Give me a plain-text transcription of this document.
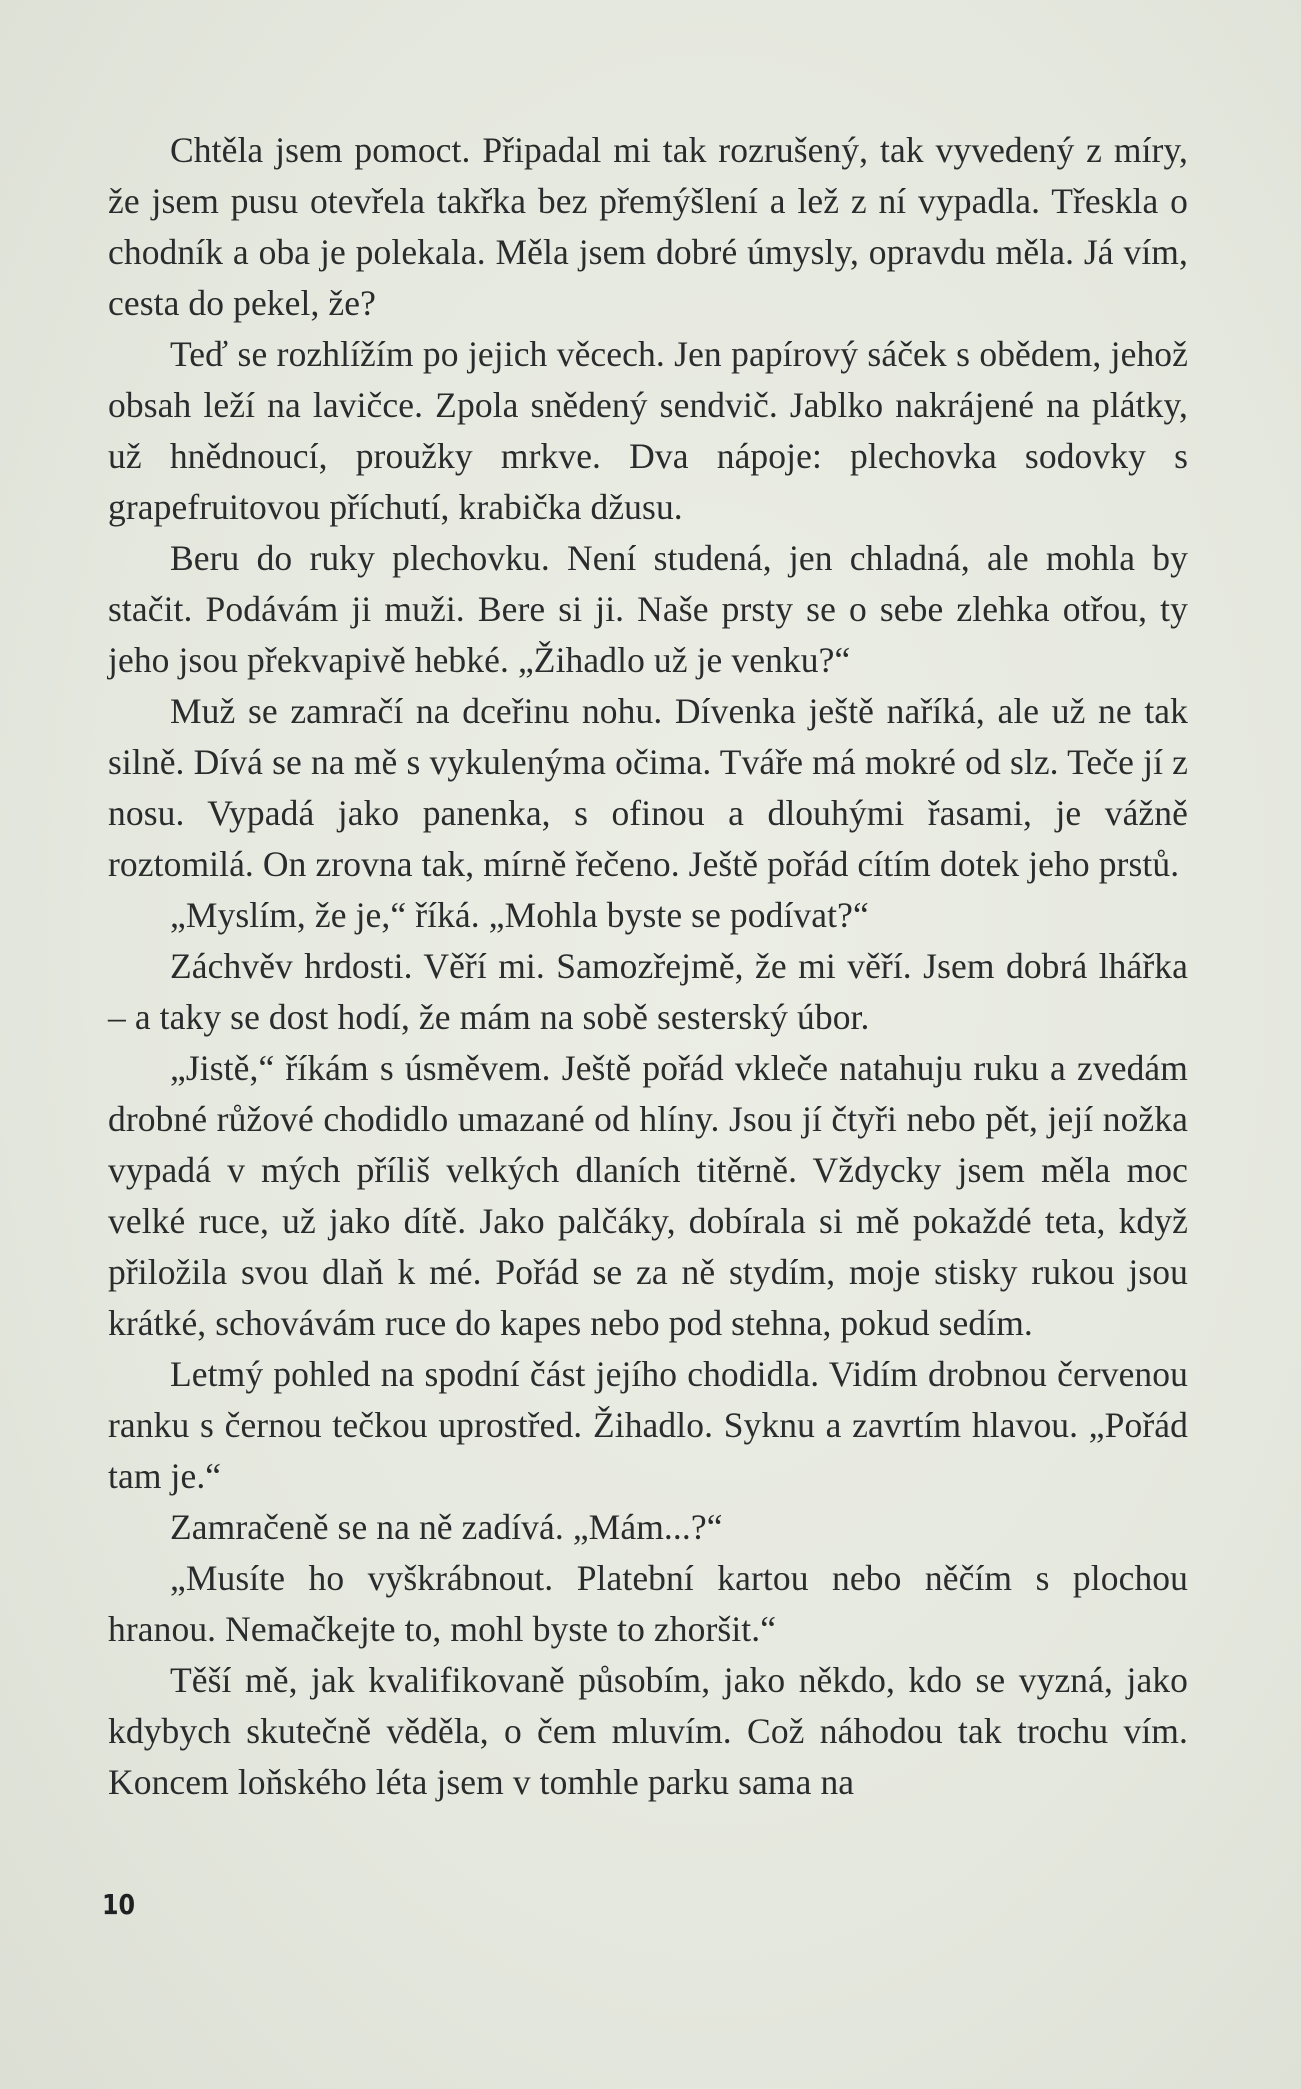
Chtěla jsem pomoct. Připadal mi tak rozrušený, tak vyvedený z míry, že jsem pusu otevřela takřka bez přemýšlení a lež z ní vypadla. Třeskla o chodník a oba je polekala. Měla jsem dobré úmysly, opravdu měla. Já vím, cesta do pekel, že?

Teď se rozhlížím po jejich věcech. Jen papírový sáček s obědem, jehož obsah leží na lavičce. Zpola snědený sendvič. Jablko nakrájené na plátky, už hnědnoucí, proužky mrkve. Dva nápoje: plechovka sodovky s grapefruitovou příchutí, krabička džusu.

Beru do ruky plechovku. Není studená, jen chladná, ale mohla by stačit. Podávám ji muži. Bere si ji. Naše prsty se o sebe zlehka otřou, ty jeho jsou překvapivě hebké. „Žihadlo už je venku?“

Muž se zamračí na dceřinu nohu. Dívenka ještě naříká, ale už ne tak silně. Dívá se na mě s vykulenýma očima. Tváře má mokré od slz. Teče jí z nosu. Vypadá jako panenka, s ofinou a dlouhými řasami, je vážně roztomilá. On zrovna tak, mírně řečeno. Ještě pořád cítím dotek jeho prstů.

„Myslím, že je,“ říká. „Mohla byste se podívat?“

Záchvěv hrdosti. Věří mi. Samozřejmě, že mi věří. Jsem dobrá lhářka – a taky se dost hodí, že mám na sobě sesterský úbor.

„Jistě,“ říkám s úsměvem. Ještě pořád vkleče natahuju ruku a zvedám drobné růžové chodidlo umazané od hlíny. Jsou jí čtyři nebo pět, její nožka vypadá v mých příliš velkých dlaních titěrně. Vždycky jsem měla moc velké ruce, už jako dítě. Jako palčáky, dobírala si mě pokaždé teta, když přiložila svou dlaň k mé. Pořád se za ně stydím, moje stisky rukou jsou krátké, schovávám ruce do kapes nebo pod stehna, pokud sedím.

Letmý pohled na spodní část jejího chodidla. Vidím drobnou červenou ranku s černou tečkou uprostřed. Žihadlo. Syknu a zavrtím hlavou. „Pořád tam je.“

Zamračeně se na ně zadívá. „Mám...?“

„Musíte ho vyškrábnout. Platební kartou nebo něčím s plochou hranou. Nemačkejte to, mohl byste to zhoršit.“

Těší mě, jak kvalifikovaně působím, jako někdo, kdo se vyzná, jako kdybych skutečně věděla, o čem mluvím. Což náhodou tak trochu vím. Koncem loňského léta jsem v tomhle parku sama na

10
